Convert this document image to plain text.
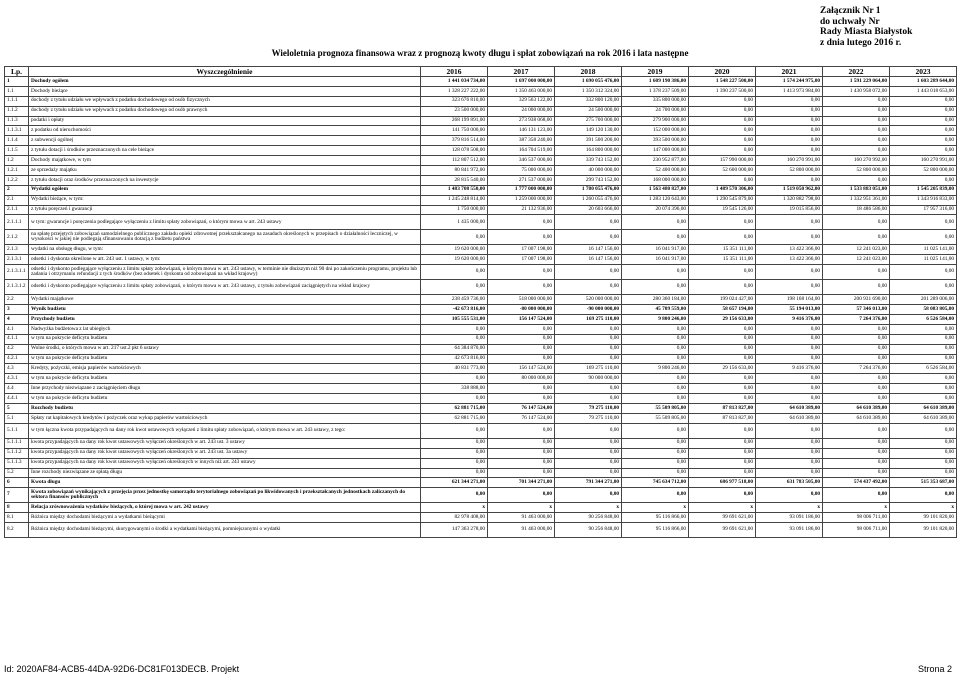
Załącznik Nr 1
do uchwały Nr
Rady Miasta Białystok
z dnia lutego 2016 r.
Wieloletnia prognoza finansowa wraz z prognozą kwoty długu i spłat zobowiązań na rok 2016 i lata następne
Lp.	Wyszczególnienie	2016	2017	2018	2019	2020	2021	2022	2023
1	Dochody ogółem	1 441 034 734,00	1 697 000 000,00	1 690 055 476,00	1 609 190 386,00	1 548 227 500,00	1 574 244 975,00	1 591 229 064,00	1 603 289 644,00
1.1	Dochody bieżące	1 328 227 222,00	1 350 463 000,00	1 350 312 324,00	1 378 237 509,00	1 390 237 500,00	1 413 973 984,00	1 430 958 072,00	1 443 018 653,00
1.1.1	dochody z tytułu udziału we wpływach z podatku dochodowego od osób fizycznych	323 676 810,00	329 563 122,00	332 800 120,00	335 800 000,00	0,00	0,00	0,00	0,00
1.1.2	dochody z tytułu udziału we wpływach z podatku dochodowego od osób prawnych	23 500 000,00	24 000 000,00	24 500 000,00	24 700 000,00	0,00	0,00	0,00	0,00
1.1.3	podatki i opłaty	268 199 891,00	273 938 068,00	275 700 000,00	279 900 000,00	0,00	0,00	0,00	0,00
1.1.3.1	z podatku od nieruchomości	141 750 000,00	146 131 123,00	149 120 130,00	152 000 000,00	0,00	0,00	0,00	0,00
1.1.4	z subwencji ogólnej	379 816 514,00	387 358 240,00	391 500 200,00	393 500 000,00	0,00	0,00	0,00	0,00
1.1.5	z tytułu dotacji i środków przeznaczonych na cele bieżące	128 078 508,00	164 704 519,00	164 800 000,00	147 000 000,00	0,00	0,00	0,00	0,00
1.2	Dochody majątkowe, w tym	112 807 512,00	346 537 000,00	339 743 152,00	230 952 877,00	157 990 000,00	160 270 991,00	160 270 992,00	160 270 991,00
1.2.1	ze sprzedaży majątku	80 841 972,00	75 000 000,00	40 000 000,00	52 400 000,00	52 600 000,00	52 800 000,00	52 800 000,00	52 800 000,00
1.2.2	z tytułu dotacji oraz środków przeznaczonych na inwestycje	28 815 540,00	271 537 000,00	299 743 152,00	168 000 000,00	0,00	0,00	0,00	0,00
2	Wydatki ogółem	1 483 708 550,00	1 777 000 000,00	1 780 055 476,00	1 563 480 827,00	1 489 570 306,00	1 519 050 962,00	1 533 883 051,00	1 545 205 839,00
2.1	Wydatki bieżące, w tym:	1 245 248 814,00	1 259 000 000,00	1 260 055 476,00	1 283 120 643,00	1 290 545 879,00	1 320 882 798,00	1 332 951 361,00	1 343 916 833,00
2.1.1	z tytułu poręczeń i gwarancji	1 750 000,00	21 132 936,00	20 603 666,00	20 074 396,00	19 545 126,00	19 015 856,00	18 486 586,00	17 957 316,00
2.1.1.1	w tym: gwarancje i poręczenia podlegające wyłączeniu z limitu spłaty zobowiązań, o którym mowa w art. 243 ustawy	1 435 000,00	0,00	0,00	0,00	0,00	0,00	0,00	0,00
2.1.2	na spłatę przejętych zobowiązań samodzielnego publicznego zakładu opieki zdrowotnej przekształcanego na zasadach określonych w przepisach o działalności leczniczej, w wysokości w jakiej nie podlegają sfinansowaniu dotacją z budżetu państwa	0,00	0,00	0,00	0,00	0,00	0,00	0,00	0,00
2.1.3	wydatki na obsługę długu, w tym:	19 620 000,00	17 007 198,00	16 147 156,00	16 041 917,00	15 351 111,00	13 422 366,00	12 241 023,00	11 025 141,00
2.1.3.1	odsetki i dyskonta określone w art. 243 ust. 1 ustawy, w tym:	19 620 000,00	17 007 198,00	16 147 156,00	16 041 917,00	15 351 111,00	13 422 366,00	12 241 023,00	11 025 141,00
2.1.3.1.1	odsetki i dyskonto podlegające wyłączeniu z limitu spłaty zobowiązań, o którym mowa w art. 243 ustawy, w terminie nie dłuższym niż 90 dni po zakończeniu programu, projektu lub zadania i otrzymaniu refundacji z tych środków (bez odsetek i dyskonta od zobowiązań na wkład krajowy)	0,00	0,00	0,00	0,00	0,00	0,00	0,00	0,00
2.1.3.1.2	odsetki i dyskonto podlegające wyłączeniu z limitu spłaty zobowiązań, o którym mowa w art. 243 ustawy, z tytułu zobowiązań zaciągniętych na wkład krajowy	0,00	0,00	0,00	0,00	0,00	0,00	0,00	0,00
2.2	Wydatki majątkowe	238 459 736,00	518 000 000,00	520 000 000,00	280 360 184,00	199 024 427,00	198 168 164,00	200 931 690,00	201 289 006,00
3	Wynik budżetu	-42 673 816,00	-80 000 000,00	-90 000 000,00	45 709 559,00	58 657 194,00	55 194 013,00	57 346 013,00	58 083 805,00
4	Przychody budżetu	105 555 531,00	156 147 524,00	169 275 110,00	9 800 246,00	29 156 633,00	9 416 376,00	7 264 376,00	6 526 584,00
4.1	Nadwyżka budżetowa z lat ubiegłych	0,00	0,00	0,00	0,00	0,00	0,00	0,00	0,00
4.1.1	w tym na pokrycie deficytu budżetu	0,00	0,00	0,00	0,00	0,00	0,00	0,00	0,00
4.2	Wolne środki, o których mowa w art. 217 ust.2 pkt 6 ustawy	64 384 870,00	0,00	0,00	0,00	0,00	0,00	0,00	0,00
4.2.1	w tym na pokrycie deficytu budżetu	42 673 816,00	0,00	0,00	0,00	0,00	0,00	0,00	0,00
4.3	Kredyty, pożyczki, emisja papierów wartościowych	40 831 773,00	156 147 524,00	169 275 110,00	9 800 246,00	29 156 633,00	9 416 376,00	7 264 376,00	6 526 584,00
4.3.1	w tym na pokrycie deficytu budżetu	0,00	80 000 000,00	90 000 000,00	0,00	0,00	0,00	0,00	0,00
4.4	Inne przychody niezwiązane z zaciągnięciem długu	338 888,00	0,00	0,00	0,00	0,00	0,00	0,00	0,00
4.4.1	w tym na pokrycie deficytu budżetu	0,00	0,00	0,00	0,00	0,00	0,00	0,00	0,00
5	Rozchody budżetu	62 881 715,00	76 147 524,00	79 275 110,00	55 509 805,00	87 813 827,00	64 610 389,00	64 610 389,00	64 610 389,00
5.1	Spłaty rat kapitałowych kredytów i pożyczek oraz wykup papierów wartościowych	62 881 715,00	76 147 524,00	79 275 110,00	55 509 805,00	87 813 827,00	64 610 389,00	64 610 389,00	64 610 389,00
5.1.1	w tym łączna kwota przypadających na dany rok kwot ustawowych wyłączeń z limitu spłaty zobowiązań, o którym mowa w art. 243 ustawy, z tego:	0,00	0,00	0,00	0,00	0,00	0,00	0,00	0,00
5.1.1.1	kwota przypadających na dany rok kwot ustawowych wyłączeń określonych w art. 243 ust. 3 ustawy	0,00	0,00	0,00	0,00	0,00	0,00	0,00	0,00
5.1.1.2	kwota przypadających na dany rok kwot ustawowych wyłączeń określonych w art. 243 ust. 3a ustawy	0,00	0,00	0,00	0,00	0,00	0,00	0,00	0,00
5.1.1.3	kwota przypadających na dany rok kwot ustawowych wyłączeń określonych w innych niż art. 243 ustawy	0,00	0,00	0,00	0,00	0,00	0,00	0,00	0,00
5.2	Inne rozchody niezwiązane ze spłatą długu	0,00	0,00	0,00	0,00	0,00	0,00	0,00	0,00
6	Kwota długu	621 344 271,00	701 344 271,00	791 344 271,00	745 634 712,00	686 977 518,00	631 783 505,00	574 437 492,00	515 353 687,00
7	Kwota zobowiązań wynikających z przejęcia przez jednostkę samorządu terytorialnego zobowiązań po likwidowanych i przekształcanych jednostkach zaliczanych do sektora finansów publicznych	0,00	0,00	0,00	0,00	0,00	0,00	0,00	0,00
8	Relacja zrównoważenia wydatków bieżących, o której mowa w art. 242 ustawy	x	x	x	x	x	x	x	x
8.1	Różnica między dochodami bieżącymi a wydatkami bieżącymi	82 978 408,00	91 463 000,00	90 256 848,00	95 116 866,00	99 691 621,00	93 091 186,00	98 006 711,00	99 101 820,00
8.2	Różnica między dochodami bieżącymi, skorygowanymi o środki a wydatkami bieżącymi, pomniejszonymi o wydatki	147 363 278,00	91 463 000,00	90 256 848,00	95 116 866,00	99 691 621,00	93 091 186,00	98 006 711,00	99 101 820,00
Id: 2020AF84-ACB5-44DA-92D6-DC81F013DECB. Projekt	Strona 2
